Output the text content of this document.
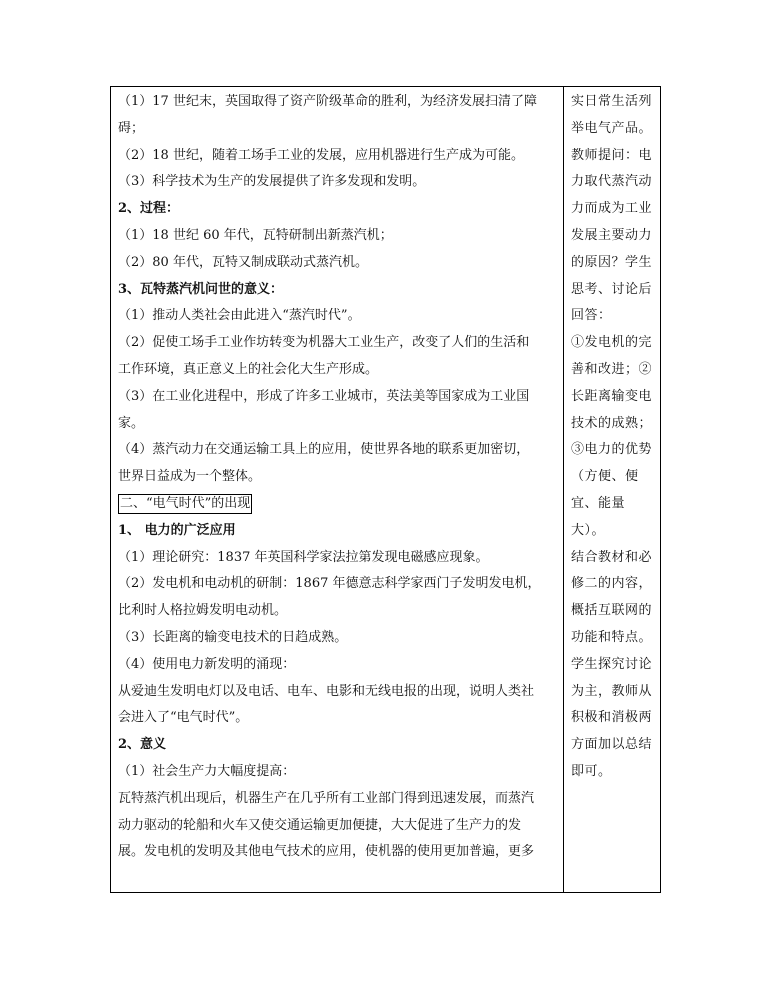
（1）17 世纪末，英国取得了资产阶级革命的胜利，为经济发展扫清了障
碍；
（2）18 世纪，随着工场手工业的发展，应用机器进行生产成为可能。
（3）科学技术为生产的发展提供了许多发现和发明。
2、过程：
（1）18 世纪 60 年代，瓦特研制出新蒸汽机；
（2）80 年代，瓦特又制成联动式蒸汽机。
3、瓦特蒸汽机问世的意义：
（1）推动人类社会由此进入“蒸汽时代”。
（2）促使工场手工业作坊转变为机器大工业生产，改变了人们的生活和
工作环境，真正意义上的社会化大生产形成。
（3）在工业化进程中，形成了许多工业城市，英法美等国家成为工业国
家。
（4）蒸汽动力在交通运输工具上的应用，使世界各地的联系更加密切，
世界日益成为一个整体。
二、“电气时代”的出现
1、 电力的广泛应用
（1）理论研究：1837 年英国科学家法拉第发现电磁感应现象。
（2）发电机和电动机的研制：1867 年德意志科学家西门子发明发电机，
比利时人格拉姆发明电动机。
（3）长距离的输变电技术的日趋成熟。
（4）使用电力新发明的涌现：
从爱迪生发明电灯以及电话、电车、电影和无线电报的出现，说明人类社
会进入了“电气时代”。
2、意义
（1）社会生产力大幅度提高：
瓦特蒸汽机出现后，机器生产在几乎所有工业部门得到迅速发展，而蒸汽
动力驱动的轮船和火车又使交通运输更加便捷，大大促进了生产力的发
展。发电机的发明及其他电气技术的应用，使机器的使用更加普遍，更多
实日常生活列
举电气产品。
教师提问：电
力取代蒸汽动
力而成为工业
发展主要动力
的原因？学生
思考、讨论后
回答：
①发电机的完
善和改进；②
长距离输变电
技术的成熟；
③电力的优势
（方便、便
宜、能量
大）。
结合教材和必
修二的内容，
概括互联网的
功能和特点。
学生探究讨论
为主，教师从
积极和消极两
方面加以总结
即可。
